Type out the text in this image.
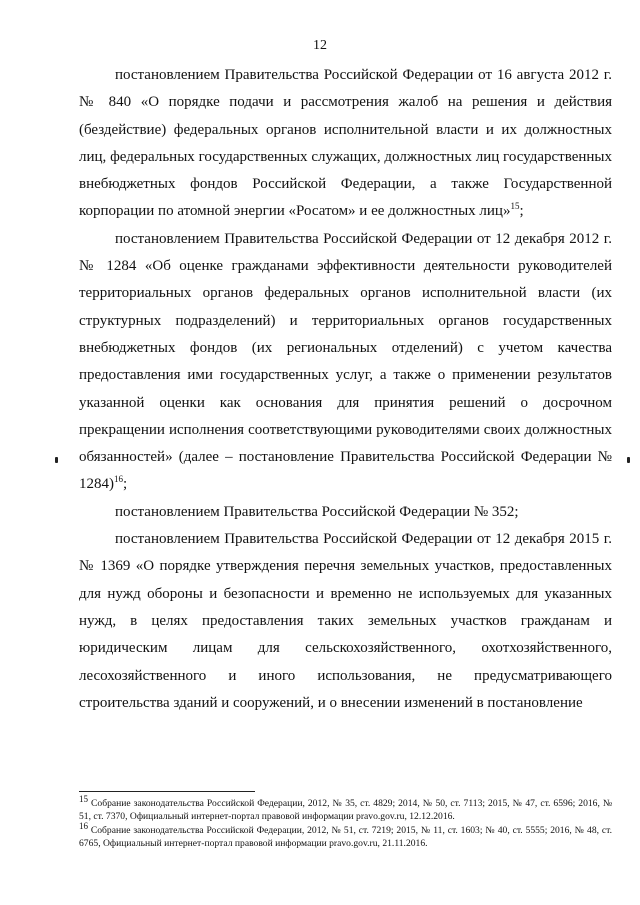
12

постановлением Правительства Российской Федерации от 16 августа 2012 г. № 840 «О порядке подачи и рассмотрения жалоб на решения и действия (бездействие) федеральных органов исполнительной власти и их должностных лиц, федеральных государственных служащих, должностных лиц государственных внебюджетных фондов Российской Федерации, а также Государственной корпорации по атомной энергии «Росатом» и ее должностных лиц»$^{15}$;

постановлением Правительства Российской Федерации от 12 декабря 2012 г. № 1284 «Об оценке гражданами эффективности деятельности руководителей территориальных органов федеральных органов исполнительной власти (их структурных подразделений) и территориальных органов государственных внебюджетных фондов (их региональных отделений) с учетом качества предоставления ими государственных услуг, а также о применении результатов указанной оценки как основания для принятия решений о досрочном прекращении исполнения соответствующими руководителями своих должностных обязанностей» (далее – постановление Правительства Российской Федерации № 1284)$^{16}$;

постановлением Правительства Российской Федерации № 352;

постановлением Правительства Российской Федерации от 12 декабря 2015 г. № 1369 «О порядке утверждения перечня земельных участков, предоставленных для нужд обороны и безопасности и временно не используемых для указанных нужд, в целях предоставления таких земельных участков гражданам и юридическим лицам для сельскохозяйственного, охотхозяйственного, лесохозяйственного и иного использования, не предусматривающего строительства зданий и сооружений, и о внесении изменений в постановление

$^{15}$ Собрание законодательства Российской Федерации, 2012, № 35, ст. 4829; 2014, № 50, ст. 7113; 2015, № 47, ст. 6596; 2016, № 51, ст. 7370, Официальный интернет-портал правовой информации pravo.gov.ru, 12.12.2016.

$^{16}$ Собрание законодательства Российской Федерации, 2012, № 51, ст. 7219; 2015, № 11, ст. 1603; № 40, ст. 5555; 2016, № 48, ст. 6765, Официальный интернет-портал правовой информации pravo.gov.ru, 21.11.2016.
